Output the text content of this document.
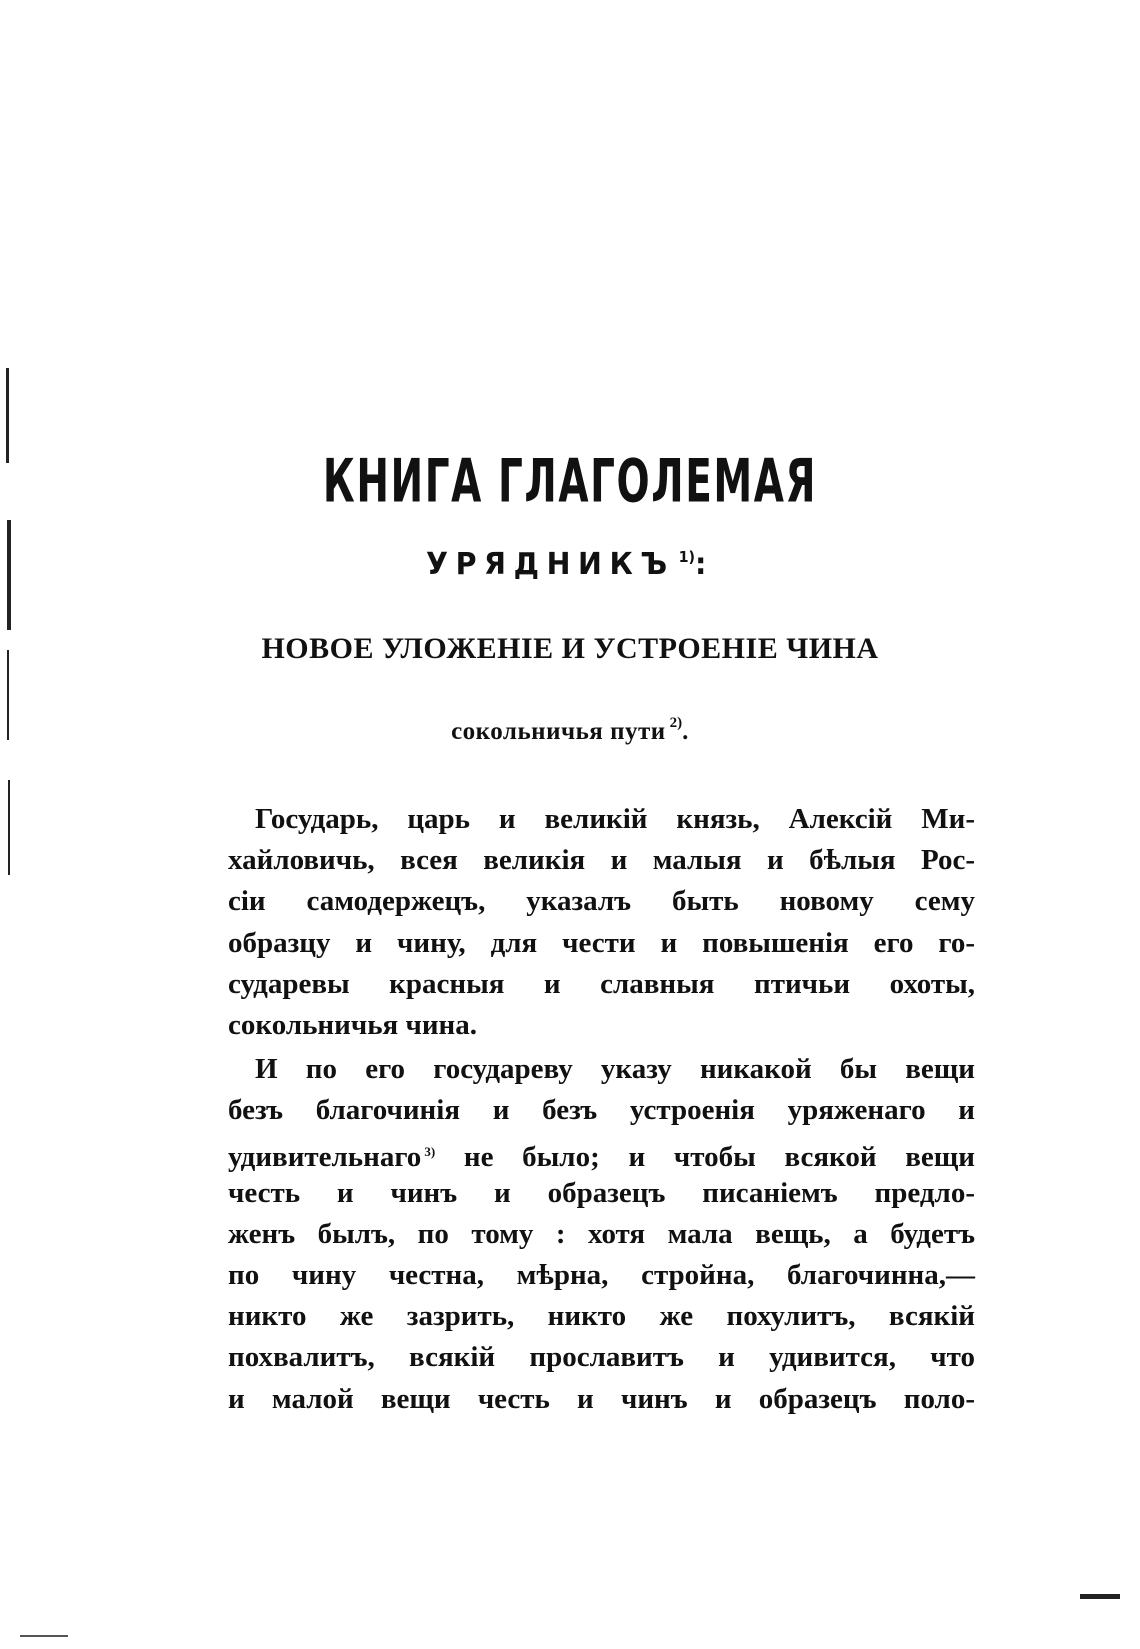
КНИГА ГЛАГОЛЕМАЯ
УРЯДНИКЪ $^{1)}$:
НОВОЕ УЛОЖЕНІЕ И УСТРОЕНІЕ ЧИНА
сокольничья пути $^{2)}$.
Государь, царь и великій князь, Алексій Ми-
хайловичь, всея великія и малыя и бѣлыя Рос-
сіи самодержецъ, указалъ быть новому сему
образцу и чину, для чести и повышенія его го-
сударевы красныя и славныя птичьи охоты,
сокольничья чина.
И по его государеву указу никакой бы вещи
безъ благочинія и безъ устроенія уряженаго и
удивительнаго $^{3)}$ не было; и чтобы всякой вещи
честь и чинъ и образецъ писаніемъ предло-
женъ былъ, по тому : хотя мала вещь, а будетъ
по чину честна, мѣрна, стройна, благочинна,—
никто же зазрить, никто же похулитъ, всякій
похвалитъ, всякій прославитъ и удивится, что
и малой вещи честь и чинъ и образецъ поло-
